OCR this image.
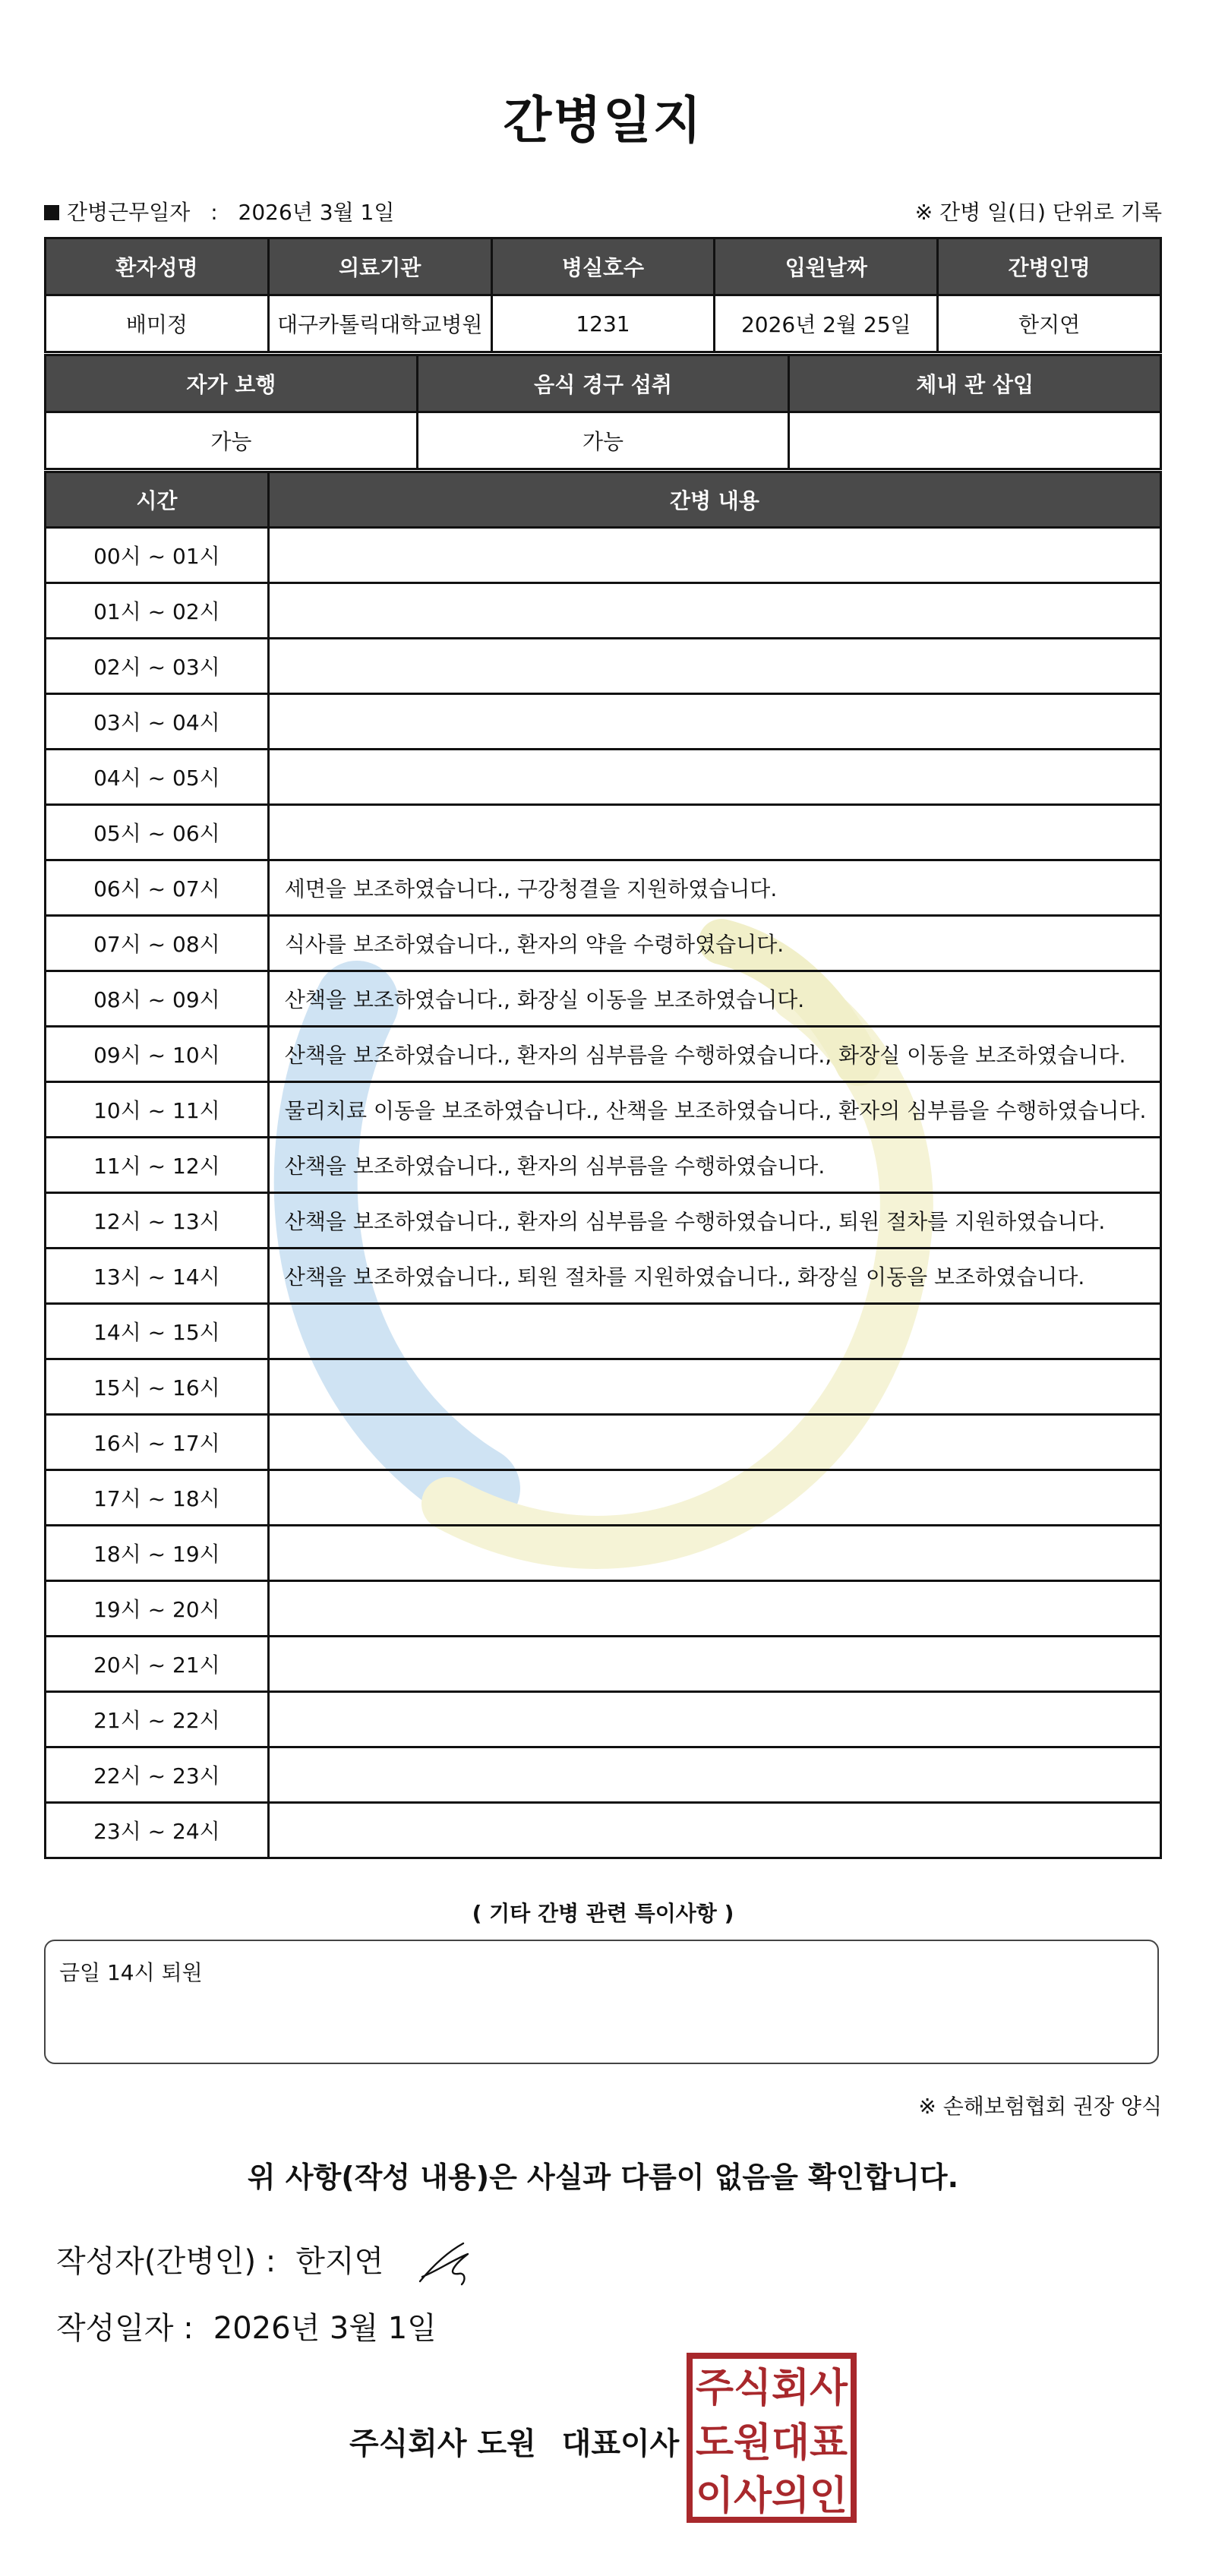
간병일지
간병근무일자 : 2026년 3월 1일	※ 간병 일(日) 단위로 기록
환자성명	의료기관	병실호수	입원날짜	간병인명
배미정	대구카톨릭대학교병원	1231	2026년 2월 25일	한지연
자가 보행	음식 경구 섭취	체내 관 삽입
가능	가능	
시간	간병 내용
00시 ~ 01시	
01시 ~ 02시	
02시 ~ 03시	
03시 ~ 04시	
04시 ~ 05시	
05시 ~ 06시	
06시 ~ 07시	세면을 보조하였습니다., 구강청결을 지원하였습니다.
07시 ~ 08시	식사를 보조하였습니다., 환자의 약을 수령하였습니다.
08시 ~ 09시	산책을 보조하였습니다., 화장실 이동을 보조하였습니다.
09시 ~ 10시	산책을 보조하였습니다., 환자의 심부름을 수행하였습니다., 화장실 이동을 보조하였습니다.
10시 ~ 11시	물리치료 이동을 보조하였습니다., 산책을 보조하였습니다., 환자의 심부름을 수행하였습니다.
11시 ~ 12시	산책을 보조하였습니다., 환자의 심부름을 수행하였습니다.
12시 ~ 13시	산책을 보조하였습니다., 환자의 심부름을 수행하였습니다., 퇴원 절차를 지원하였습니다.
13시 ~ 14시	산책을 보조하였습니다., 퇴원 절차를 지원하였습니다., 화장실 이동을 보조하였습니다.
14시 ~ 15시	
15시 ~ 16시	
16시 ~ 17시	
17시 ~ 18시	
18시 ~ 19시	
19시 ~ 20시	
20시 ~ 21시	
21시 ~ 22시	
22시 ~ 23시	
23시 ~ 24시	
( 기타 간병 관련 특이사항 )
금일 14시 퇴원
※ 손해보험협회 권장 양식
위 사항(작성 내용)은 사실과 다름이 없음을 확인합니다.
작성자(간병인) : 한지연
작성일자 : 2026년 3월 1일
주식회사 도원 대표이사
주식회사
도원대표
이사의인
